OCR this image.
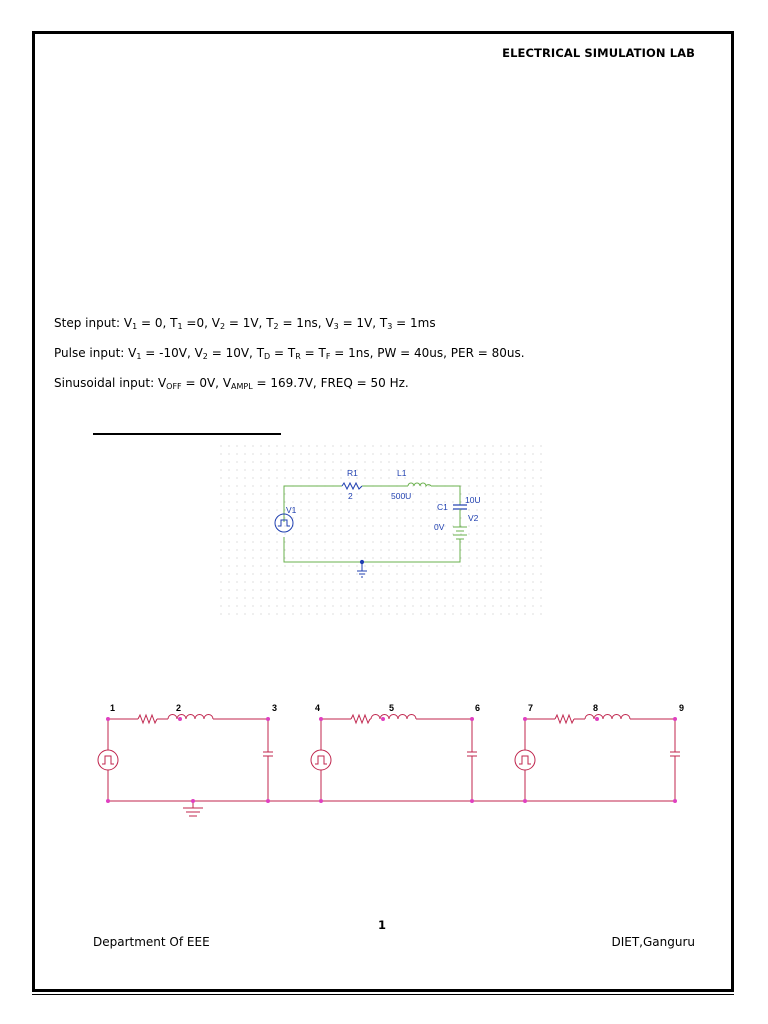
ELECTRICAL SIMULATION LAB
Step input: $V_1 = 0$, $T_1 =0$, $V_2 = 1V$, $T_2 = 1ns$, $V_3 = 1V$, $T_3 = 1ms$
Pulse input: $V_1 = -10V$, $V_2 = 10V$, $T_D = T_R = T_F = 1ns$, PW = 40us, PER = 80us.
Sinusoidal input: $V_{OFF} = 0V$, $V_{AMPL} = 169.7V$, FREQ = 50 Hz.
R1
2
L1
500U
C1
10U
V2
0V
V1
1	2	3	4	5	6	7	8	9
1
Department Of EEE	DIET,Ganguru
